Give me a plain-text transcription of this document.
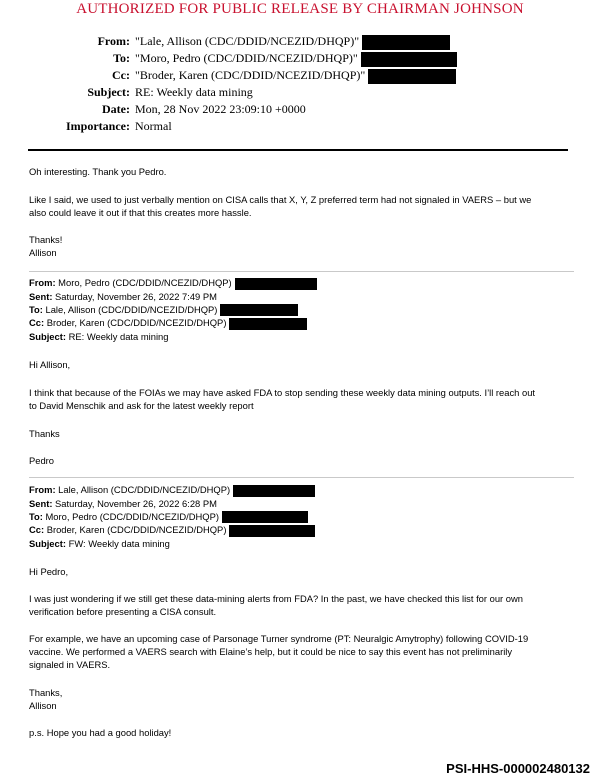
AUTHORIZED FOR PUBLIC RELEASE BY CHAIRMAN JOHNSON
From: "Lale, Allison (CDC/DDID/NCEZID/DHQP)"
To: "Moro, Pedro (CDC/DDID/NCEZID/DHQP)"
Cc: "Broder, Karen (CDC/DDID/NCEZID/DHQP)"
Subject: RE: Weekly data mining
Date: Mon, 28 Nov 2022 23:09:10 +0000
Importance: Normal
Oh interesting. Thank you Pedro.
Like I said, we used to just verbally mention on CISA calls that X, Y, Z preferred term had not signaled in VAERS – but we
also could leave it out if that this creates more hassle.
Thanks!
Allison
From: Moro, Pedro (CDC/DDID/NCEZID/DHQP)
Sent: Saturday, November 26, 2022 7:49 PM
To: Lale, Allison (CDC/DDID/NCEZID/DHQP)
Cc: Broder, Karen (CDC/DDID/NCEZID/DHQP)
Subject: RE: Weekly data mining
Hi Allison,
I think that because of the FOIAs we may have asked FDA to stop sending these weekly data mining outputs. I’ll reach out
to David Menschik and ask for the latest weekly report
Thanks
Pedro
From: Lale, Allison (CDC/DDID/NCEZID/DHQP)
Sent: Saturday, November 26, 2022 6:28 PM
To: Moro, Pedro (CDC/DDID/NCEZID/DHQP)
Cc: Broder, Karen (CDC/DDID/NCEZID/DHQP)
Subject: FW: Weekly data mining
Hi Pedro,
I was just wondering if we still get these data-mining alerts from FDA? In the past, we have checked this list for our own
verification before presenting a CISA consult.
For example, we have an upcoming case of Parsonage Turner syndrome (PT: Neuralgic Amytrophy) following COVID-19
vaccine. We performed a VAERS search with Elaine’s help, but it could be nice to say this event has not preliminarily
signaled in VAERS.
Thanks,
Allison
p.s. Hope you had a good holiday!
PSI-HHS-000002480132
